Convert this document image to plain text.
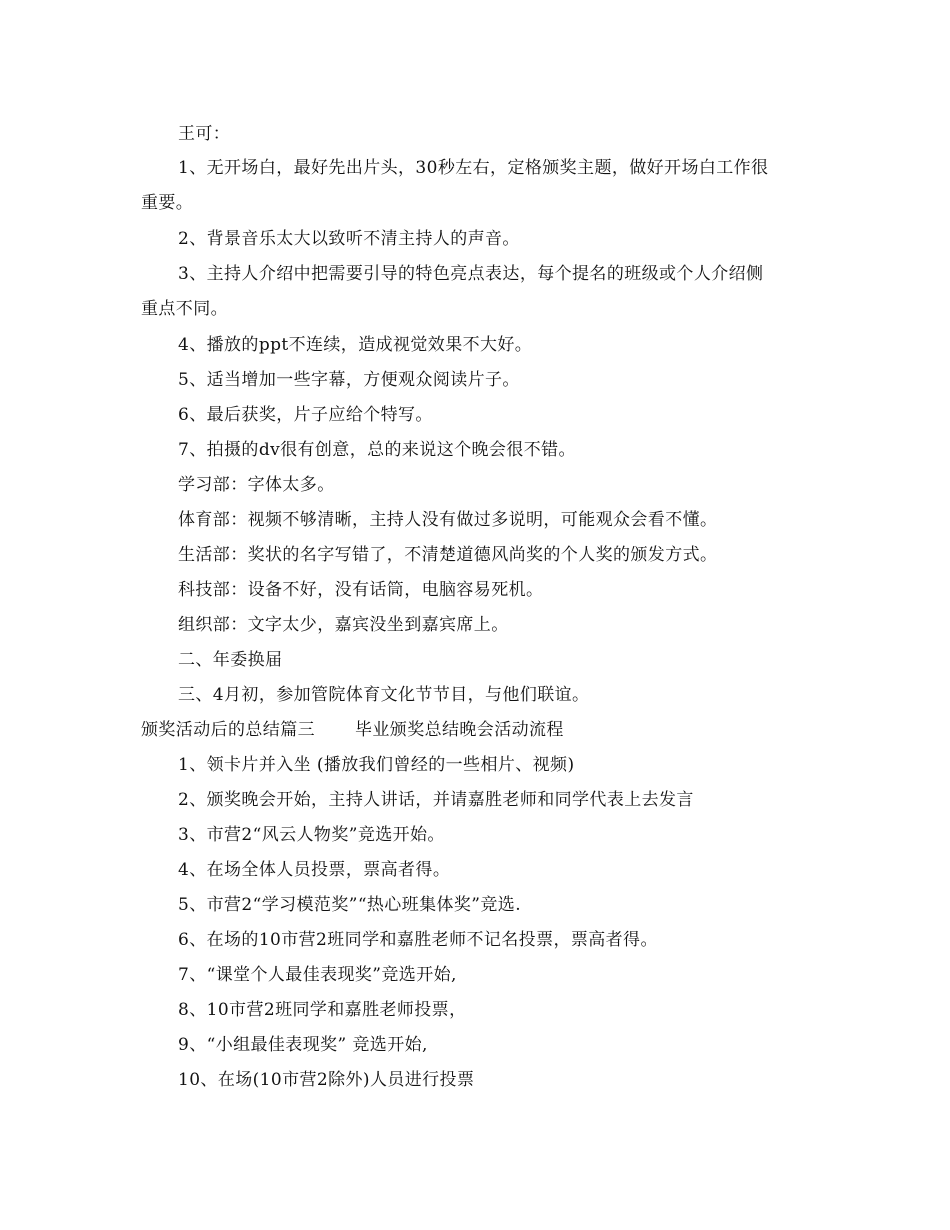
王可：
1、无开场白，最好先出片头，30秒左右，定格颁奖主题，做好开场白工作很
重要。
2、背景音乐太大以致听不清主持人的声音。
3、主持人介绍中把需要引导的特色亮点表达，每个提名的班级或个人介绍侧
重点不同。
4、播放的ppt不连续，造成视觉效果不大好。
5、适当增加一些字幕，方便观众阅读片子。
6、最后获奖，片子应给个特写。
7、拍摄的dv很有创意，总的来说这个晚会很不错。
学习部：字体太多。
体育部：视频不够清晰，主持人没有做过多说明，可能观众会看不懂。
生活部：奖状的名字写错了，不清楚道德风尚奖的个人奖的颁发方式。
科技部：设备不好，没有话筒，电脑容易死机。
组织部：文字太少，嘉宾没坐到嘉宾席上。
二、年委换届
三、4月初，参加管院体育文化节节目，与他们联谊。
颁奖活动后的总结篇三 毕业颁奖总结晚会活动流程
1、领卡片并入坐 (播放我们曾经的一些相片、视频)
2、颁奖晚会开始，主持人讲话，并请嘉胜老师和同学代表上去发言
3、市营2“风云人物奖”竞选开始。
4、在场全体人员投票，票高者得。
5、市营2“学习模范奖”“热心班集体奖”竞选.
6、在场的10市营2班同学和嘉胜老师不记名投票，票高者得。
7、“课堂个人最佳表现奖”竞选开始,
8、10市营2班同学和嘉胜老师投票，
9、“小组最佳表现奖” 竞选开始,
10、在场(10市营2除外)人员进行投票
